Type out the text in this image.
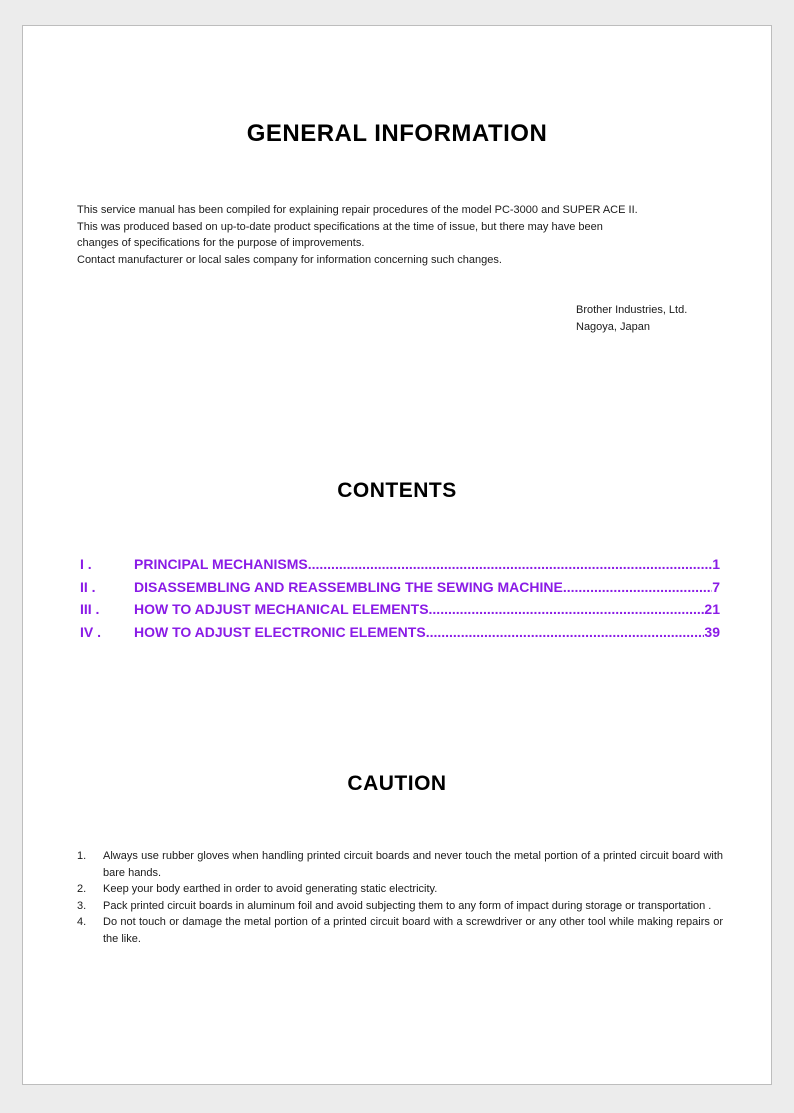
GENERAL INFORMATION
This service manual has been compiled for explaining repair procedures of the model PC-3000 and SUPER ACE II.
This was produced based on up-to-date product specifications at the time of issue, but there may have been
changes of specifications for the purpose of improvements.
Contact manufacturer or local sales company for information concerning such changes.
Brother Industries, Ltd.
Nagoya, Japan
CONTENTS
I .	PRINCIPAL MECHANISMS .....	1
II .	DISASSEMBLING AND REASSEMBLING THE SEWING MACHINE .....	7
III .	HOW TO ADJUST MECHANICAL ELEMENTS .....	21
IV .	HOW TO ADJUST ELECTRONIC ELEMENTS .....	39
CAUTION
1.	Always use rubber gloves when handling printed circuit boards and never touch the metal portion of a printed circuit board with bare hands.
2.	Keep your body earthed in order to avoid generating static electricity.
3.	Pack printed circuit boards in aluminum foil and avoid subjecting them to any form of impact during storage or transportation .
4.	Do not touch or damage the metal portion of a printed circuit board with a screwdriver or any other tool while making repairs or the like.
